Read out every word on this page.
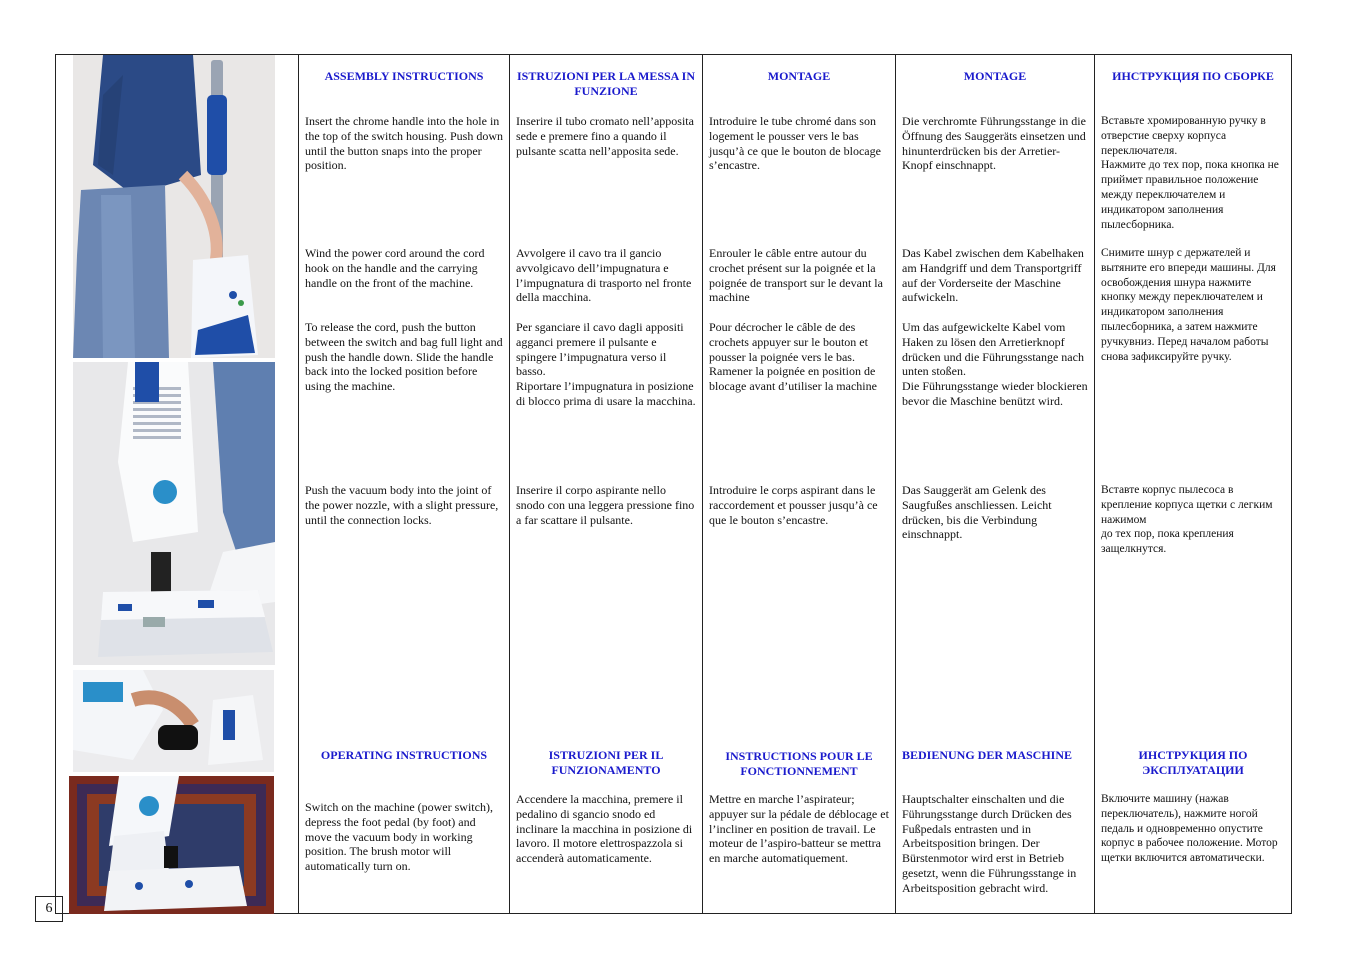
ASSEMBLY INSTRUCTIONS
Insert the chrome handle into the hole in the top of the switch housing. Push down until the button snaps into the proper position.
Wind the power cord around the cord hook on the handle and the carrying handle on the front of the machine.
To release the cord, push the button between the switch and bag full light and push the handle down. Slide the handle back into the locked position before using the machine.
Push the vacuum body into the joint of the power nozzle, with a slight pressure, until the connection locks.
OPERATING INSTRUCTIONS
Switch on the machine (power switch), depress the foot pedal (by foot) and move the vacuum body in working position. The brush motor will automatically turn on.
ISTRUZIONI PER LA MESSA IN FUNZIONE
Inserire il tubo cromato nell’apposita sede e premere fino a quando il pulsante scatta nell’apposita sede.
Avvolgere il cavo tra il gancio avvolgicavo dell’impugnatura e l’impugnatura di trasporto nel fronte della macchina.
Per sganciare il cavo dagli appositi agganci premere il pulsante e spingere l’impugnatura verso il basso.
Riportare l’impugnatura in posizione di blocco prima di usare la macchina.
Inserire il corpo aspirante nello snodo con una leggera pressione fino a far scattare il pulsante.
ISTRUZIONI PER IL FUNZIONAMENTO
Accendere la macchina, premere il pedalino di sgancio snodo ed inclinare la macchina in posizione di lavoro. Il motore elettrospazzola si accenderà automaticamente.
MONTAGE
Introduire le tube chromé dans son logement le pousser vers le bas jusqu’à ce que le bouton de blocage s’encastre.
Enrouler le câble entre autour du crochet présent sur la poignée et la poignée de transport sur le devant la machine
Pour décrocher le câble de des crochets appuyer sur le bouton et pousser la poignée vers le bas. Ramener la poignée en position de blocage avant d’utiliser la machine
Introduire le corps aspirant dans le raccordement et pousser jusqu’à ce que le bouton s’encastre.
INSTRUCTIONS POUR LE FONCTIONNEMENT
Mettre en marche l’aspirateur; appuyer sur la pédale de déblocage et l’incliner en position de travail. Le moteur de l’aspiro-batteur se mettra en marche automatiquement.
MONTAGE
Die verchromte Führungsstange in die Öffnung des Sauggeräts einsetzen und hinunterdrücken bis der Arretier-Knopf einschnappt.
Das Kabel zwischen dem Kabelhaken am Handgriff und dem Transportgriff auf der Vorderseite der Maschine aufwickeln.
Um das aufgewickelte Kabel vom Haken zu lösen den Arretierknopf drücken und die Führungsstange nach unten stoßen.
Die Führungsstange wieder blockieren bevor die Maschine benützt wird.
Das Sauggerät am Gelenk des Saugfußes anschliessen. Leicht drücken, bis die Verbindung einschnappt.
BEDIENUNG DER MASCHINE
Hauptschalter einschalten und die Führungsstange durch Drücken des Fußpedals entrasten und in Arbeitsposition bringen. Der Bürstenmotor wird erst in Betrieb gesetzt, wenn die Führungsstange in Arbeitsposition gebracht wird.
ИНСТРУКЦИЯ ПО СБОРКЕ
Вставьте хромированную ручку в отверстие сверху корпуса переключателя.
Нажмите до тех пор, пока кнопка не приймет правильное положение между переключателем и индикатором заполнения пылесборника.
Снимите шнур с держателей и вытяните его впереди машины. Для освобождения шнура нажмите кнопку между переключателем и индикатором заполнения пылесборника, а затем нажмите ручкувниз. Перед началом работы снова зафиксируйте ручку.
Вставте корпус пылесоса в крепление корпуса щетки с легким нажимом
до тех пор, пока крепления защелкнутся.
ИНСТРУКЦИЯ ПО ЭКСПЛУАТАЦИИ
Включите машину (нажав переключатель), нажмите ногой педаль и одновременно опустите корпус в рабочее положение. Мотор щетки включится автоматически.
6
